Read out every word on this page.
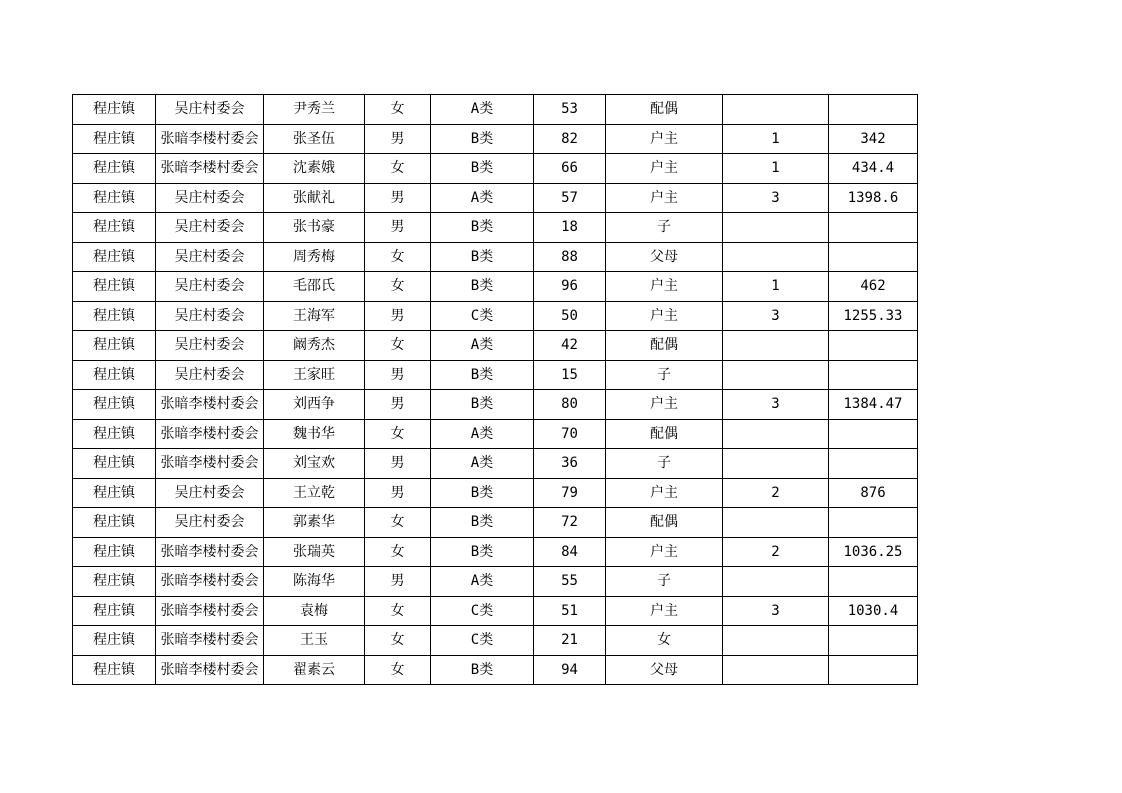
程庄镇	吴庄村委会	尹秀兰	女	A类	53	配偶		
程庄镇	张暗李楼村委会	张圣伍	男	B类	82	户主	1	342
程庄镇	张暗李楼村委会	沈素娥	女	B类	66	户主	1	434.4
程庄镇	吴庄村委会	张献礼	男	A类	57	户主	3	1398.6
程庄镇	吴庄村委会	张书豪	男	B类	18	子		
程庄镇	吴庄村委会	周秀梅	女	B类	88	父母		
程庄镇	吴庄村委会	毛邵氏	女	B类	96	户主	1	462
程庄镇	吴庄村委会	王海军	男	C类	50	户主	3	1255.33
程庄镇	吴庄村委会	阚秀杰	女	A类	42	配偶		
程庄镇	吴庄村委会	王家旺	男	B类	15	子		
程庄镇	张暗李楼村委会	刘西争	男	B类	80	户主	3	1384.47
程庄镇	张暗李楼村委会	魏书华	女	A类	70	配偶		
程庄镇	张暗李楼村委会	刘宝欢	男	A类	36	子		
程庄镇	吴庄村委会	王立乾	男	B类	79	户主	2	876
程庄镇	吴庄村委会	郭素华	女	B类	72	配偶		
程庄镇	张暗李楼村委会	张瑞英	女	B类	84	户主	2	1036.25
程庄镇	张暗李楼村委会	陈海华	男	A类	55	子		
程庄镇	张暗李楼村委会	袁梅	女	C类	51	户主	3	1030.4
程庄镇	张暗李楼村委会	王玉	女	C类	21	女		
程庄镇	张暗李楼村委会	翟素云	女	B类	94	父母		
